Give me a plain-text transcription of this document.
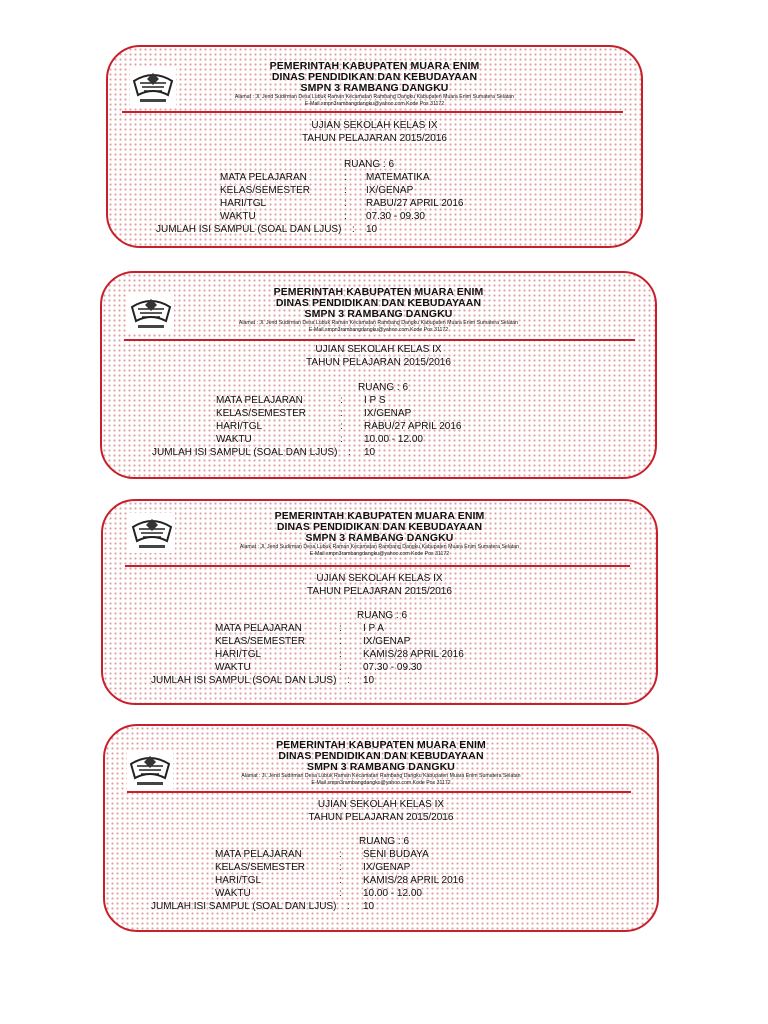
PEMERINTAH KABUPATEN MUARA ENIM
DINAS PENDIDIKAN DAN KEBUDAYAAN
SMPN 3 RAMBANG DANGKU
Alamat : Jl. Jend Sudirman Desa Lubuk Raman Kecamatan Rambang Dangku Kabupaten Muara Enim Sumatera Selatan
E-Mail smpn3rambangdangku@yahoo.com Kode Pos 31172
UJIAN SEKOLAH KELAS IX
TAHUN PELAJARAN 2015/2016
RUANG : 6
MATA PELAJARAN	: MATEMATIKA
KELAS/SEMESTER	: IX/GENAP
HARI/TGL	: RABU/27 APRIL 2016
WAKTU	: 07.30 - 09.30
JUMLAH ISI SAMPUL (SOAL DAN LJUS) : 10
PEMERINTAH KABUPATEN MUARA ENIM
DINAS PENDIDIKAN DAN KEBUDAYAAN
SMPN 3 RAMBANG DANGKU
Alamat : Jl. Jend Sudirman Desa Lubuk Raman Kecamatan Rambang Dangku Kabupaten Muara Enim Sumatera Selatan
E-Mail smpn3rambangdangku@yahoo.com Kode Pos 31172
UJIAN SEKOLAH KELAS IX
TAHUN PELAJARAN 2015/2016
RUANG : 6
MATA PELAJARAN	: I P S
KELAS/SEMESTER	: IX/GENAP
HARI/TGL	: RABU/27 APRIL 2016
WAKTU	: 10.00 - 12.00
JUMLAH ISI SAMPUL (SOAL DAN LJUS) : 10
PEMERINTAH KABUPATEN MUARA ENIM
DINAS PENDIDIKAN DAN KEBUDAYAAN
SMPN 3 RAMBANG DANGKU
Alamat : Jl. Jend Sudirman Desa Lubuk Raman Kecamatan Rambang Dangku Kabupaten Muara Enim Sumatera Selatan
E-Mail smpn3rambangdangku@yahoo.com Kode Pos 31172
UJIAN SEKOLAH KELAS IX
TAHUN PELAJARAN 2015/2016
RUANG : 6
MATA PELAJARAN	: I P A
KELAS/SEMESTER	: IX/GENAP
HARI/TGL	: KAMIS/28 APRIL 2016
WAKTU	: 07.30 - 09.30
JUMLAH ISI SAMPUL (SOAL DAN LJUS) : 10
PEMERINTAH KABUPATEN MUARA ENIM
DINAS PENDIDIKAN DAN KEBUDAYAAN
SMPN 3 RAMBANG DANGKU
Alamat : Jl. Jend Sudirman Desa Lubuk Raman Kecamatan Rambang Dangku Kabupaten Muara Enim Sumatera Selatan
E-Mail smpn3rambangdangku@yahoo.com Kode Pos 31172
UJIAN SEKOLAH KELAS IX
TAHUN PELAJARAN 2015/2016
RUANG : 6
MATA PELAJARAN	: SENI BUDAYA
KELAS/SEMESTER	: IX/GENAP
HARI/TGL	: KAMIS/28 APRIL 2016
WAKTU	: 10.00 - 12.00
JUMLAH ISI SAMPUL (SOAL DAN LJUS) : 10
